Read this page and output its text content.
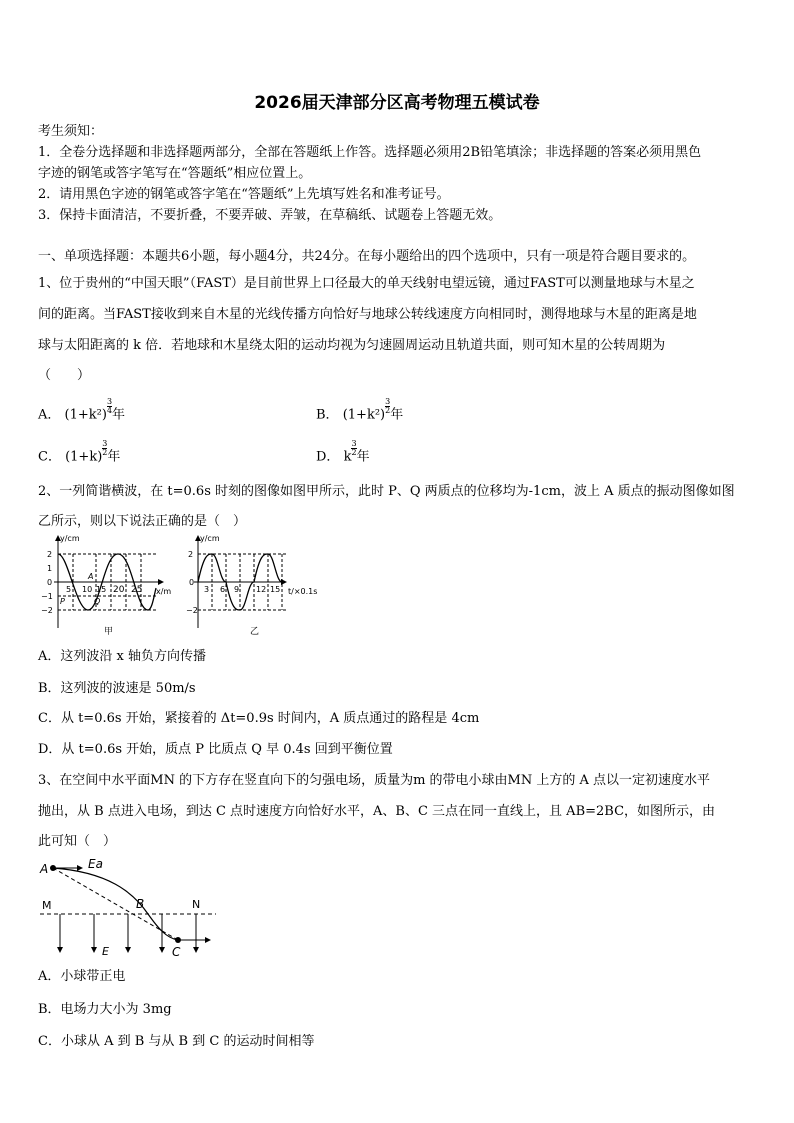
2026届天津部分区高考物理五模试卷
考生须知：
1．全卷分选择题和非选择题两部分，全部在答题纸上作答。选择题必须用2B铅笔填涂；非选择题的答案必须用黑色
字迹的钢笔或答字笔写在“答题纸”相应位置上。
2．请用黑色字迹的钢笔或答字笔在“答题纸”上先填写姓名和准考证号。
3．保持卡面清洁，不要折叠，不要弄破、弄皱，在草稿纸、试题卷上答题无效。
一、单项选择题：本题共6小题，每小题4分，共24分。在每小题给出的四个选项中，只有一项是符合题目要求的。
1、位于贵州的“中国天眼”（FAST）是目前世界上口径最大的单天线射电望远镜，通过FAST可以测量地球与木星之
间的距离。当FAST接收到来自木星的光线传播方向恰好与地球公转线速度方向相同时，测得地球与木星的距离是地
球与太阳距离的 k 倍．若地球和木星绕太阳的运动均视为匀速圆周运动且轨道共面，则可知木星的公转周期为
（　　）
A． $(1+k^2) \frac{3}{4}$ 年	B． $(1+k^2) \frac{3}{2}$ 年
C． $(1+k) \frac{3}{2}$ 年	D． k $\frac{3}{2}$ 年
2、一列简谐横波，在 t=0.6s 时刻的图像如图甲所示，此时 P、Q 两质点的位移均为-1cm，波上 A 质点的振动图像如图
乙所示，则以下说法正确的是（　）
y/cm
x/m
2
1
0
−1
−2
5 10 15 20 25
A
P	Q
甲
y/cm
t/×0.1s
2
0
−2
3 6 9 12 15
乙
A．这列波沿 x 轴负方向传播
B．这列波的波速是 50m/s
C．从 t=0.6s 开始，紧接着的 Δt=0.9s 时间内，A 质点通过的路程是 4cm
D．从 t=0.6s 开始，质点 P 比质点 Q 早 0.4s 回到平衡位置
3、在空间中水平面MN 的下方存在竖直向下的匀强电场，质量为m 的带电小球由MN 上方的 A 点以一定初速度水平
抛出，从 B 点进入电场，到达 C 点时速度方向恰好水平，A、B、C 三点在同一直线上，且 AB=2BC，如图所示，由
此可知（　）
A	Ea
M	B	N
E	C
A．小球带正电
B．电场力大小为 3mg
C．小球从 A 到 B 与从 B 到 C 的运动时间相等
